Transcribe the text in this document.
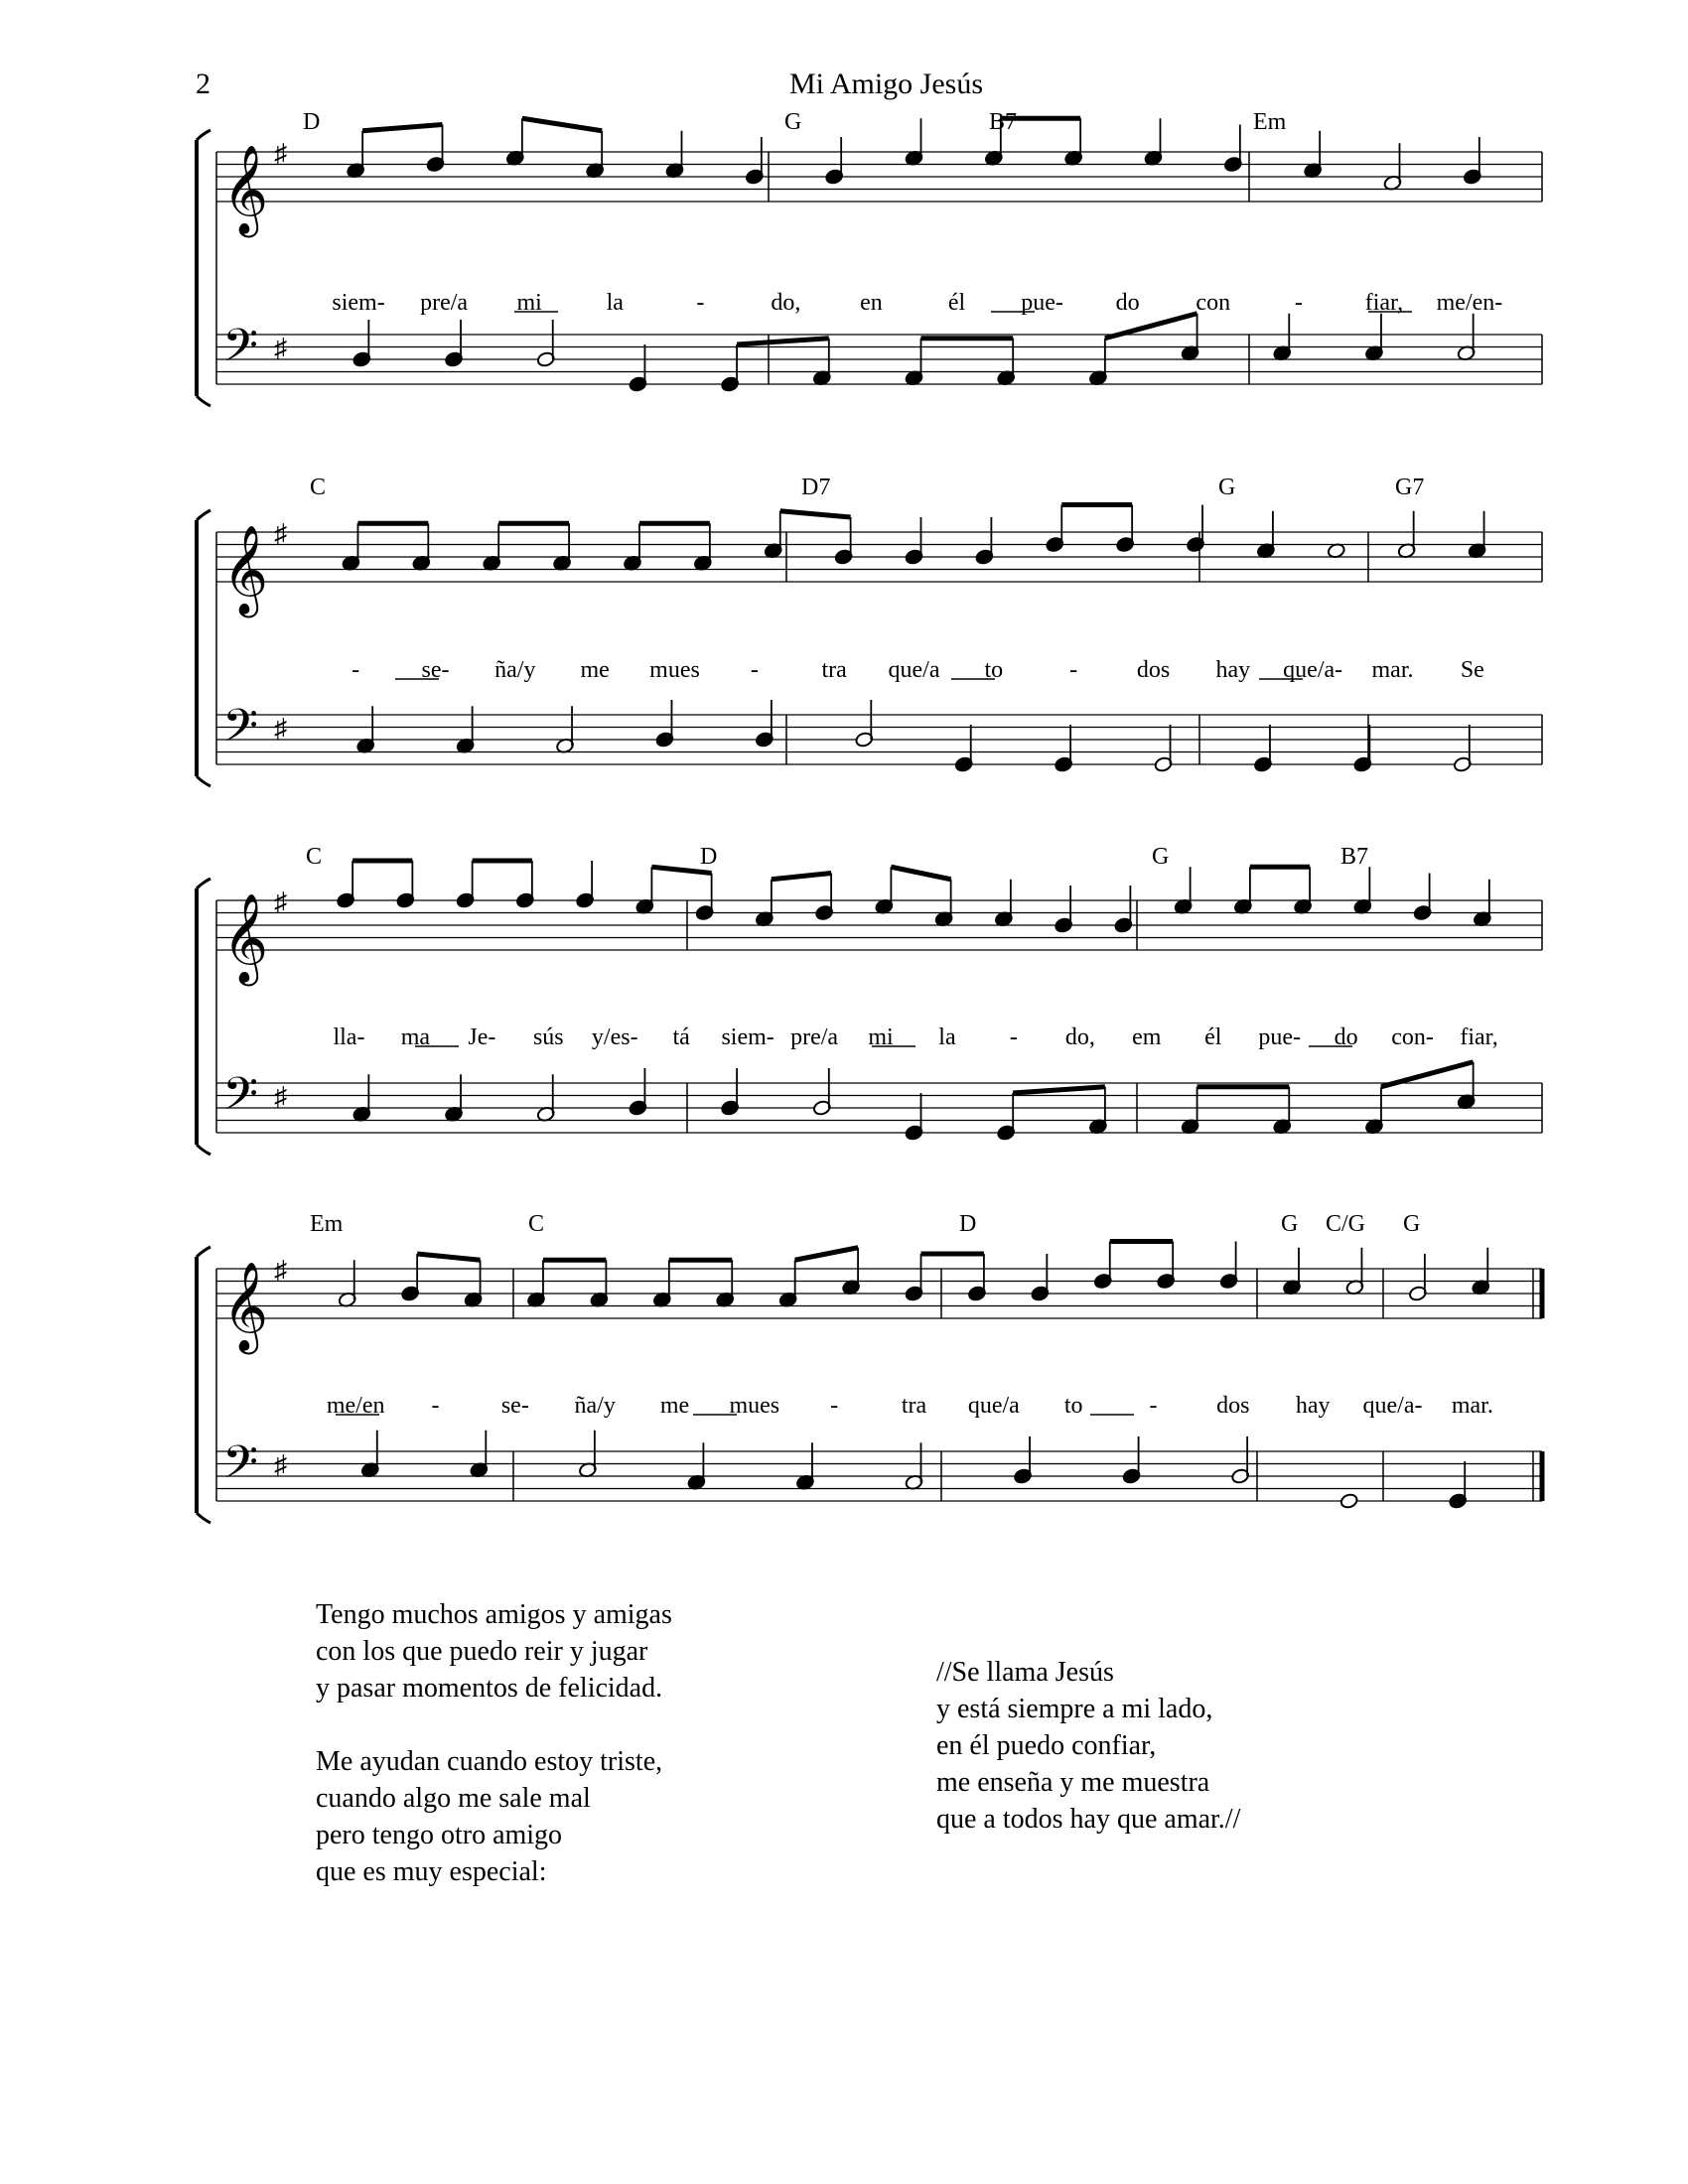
2	Mi Amigo Jesús
𝄞 ♯
𝄢 ♯
D	G	B7	Em
siem- pre/a mi	la	-	do, en	él pue- do con	-	fiar, me/en-
𝄞 ♯
𝄢 ♯
C	D7	G	G7
-	se- ña/y me mues -	tra que/a to	- dos hay que/a- mar. Se
𝄞 ♯
𝄢 ♯
C	D	G	B7
lla- ma Je- sús y/es- tá siem- pre/a mi la - do, em él pue- do con- fiar,
𝄞 ♯
𝄢 ♯
Em	C	D	G C/G G
me/en -	se- ña/y me mues -	tra que/a to	- dos hay que/a- mar.
Tengo muchos amigos y amigas
con los que puedo reir y jugar
y pasar momentos de felicidad.
Me ayudan cuando estoy triste,
cuando algo me sale mal
pero tengo otro amigo
que es muy especial:
//Se llama Jesús
y está siempre a mi lado,
en él puedo confiar,
me enseña y me muestra
que a todos hay que amar.//
